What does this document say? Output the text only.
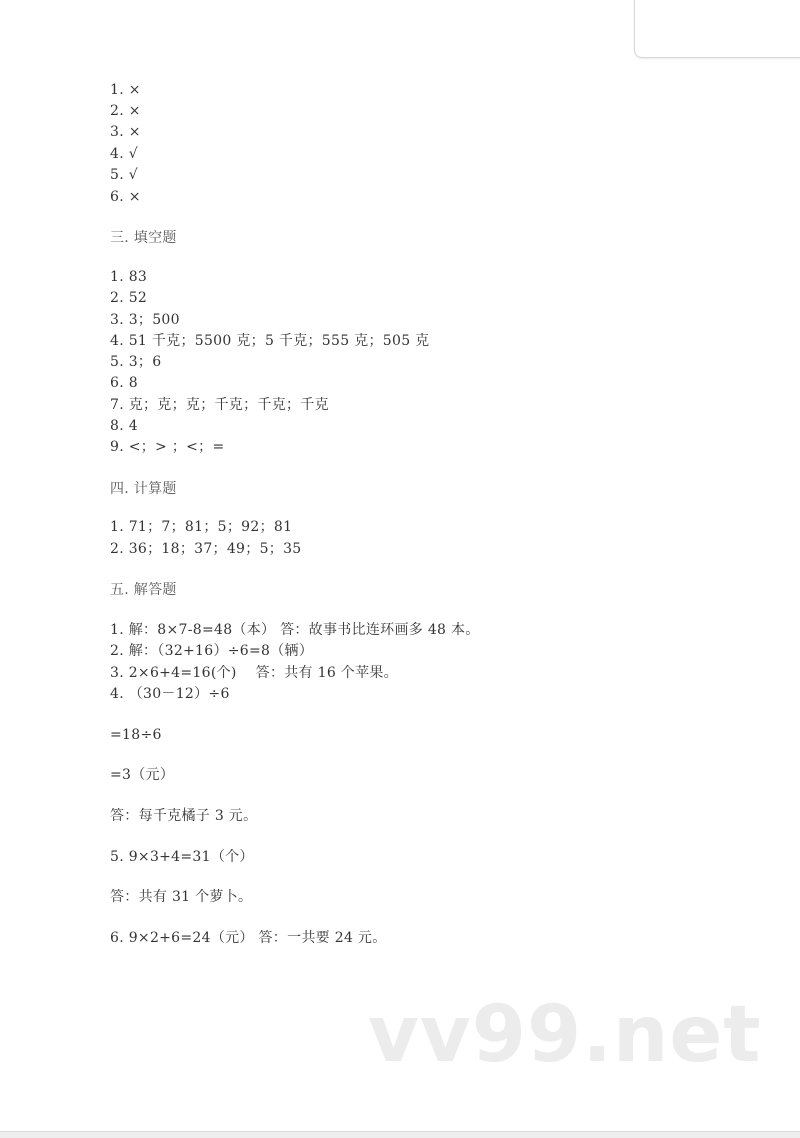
1. ×
2. ×
3. ×
4. √
5. √
6. ×
三. 填空题
1. 83
2. 52
3. 3；500
4. 51 千克；5500 克；5 千克；555 克；505 克
5. 3；6
6. 8
7. 克；克；克；千克；千克；千克
8. 4
9. <；> ；<；=
四. 计算题
1. 71；7；81；5；92；81
2. 36；18；37；49；5；35
五. 解答题
1. 解：8×7-8=48（本） 答：故事书比连环画多 48 本。
2. 解：（32+16）÷6=8（辆）
3. 2×6+4=16(个)    答：共有 16 个苹果。
4. （30－12）÷6
=18÷6
=3（元）
答：每千克橘子 3 元。
5. 9×3+4=31（个）
答：共有 31 个萝卜。
6. 9×2+6=24（元） 答：一共要 24 元。
vv99.net
